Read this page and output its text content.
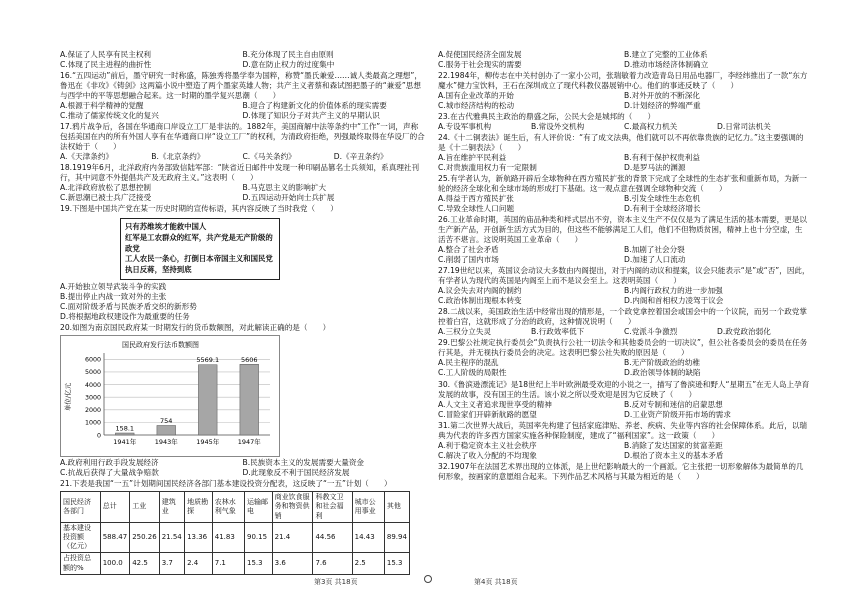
A.保证了人民享有民主权利	B.充分体现了民主自由原则
C.体现了民主进程的曲折性	D.意在防止权力的过度集中

16.“五四运动”前后，墨守研究一时称盛，陈独秀将墨学奉为国粹，称赞“墨氏兼爱……诚人类最高之理想”，鲁迅在《非攻》《铸剑》这两篇小说中塑造了两个墨家英雄人物；共产主义者蔡和森试图把墨子的“兼爱”思想与西学中的平等思想融合起来。这一时期的墨学复兴思潮（　　）

A.根源于科学精神的觉醒	B.迎合了构建新文化的价值体系的现实需要
C.推动了儒家传统文化的复兴	D.体现了知识分子对共产主义的早期认识

17.鸦片战争后，各国在华通商口岸设立工厂是非法的。1882年，美国商解中法等条约中“工作”一词，声称包括美国在内的所有外国人享有在华通商口岸“设立工厂”的权利，为清政府拒绝，列强最终取得在华设厂的合法权始于（　　）

A.《天津条约》	B.《北京条约》	C.《马关条约》	D.《辛丑条约》

18.1919年6月，北洋政府内务部致信陆军部：“陕省近日邮件中发现一种印刷品篡名士兵须知，系真理社刊行，其中词意不外提倡共产及无政府主义。”这表明（　　）

A.北洋政府放松了思想控制	B.马克思主义的影响扩大
C.新思潮已被士兵广泛接受	D.五四运动开始向士兵扩展

19.下图是中国共产党在某一历史时期的宣传标语，其内容反映了当时我党（　　）

只有苏维埃才能救中国人
红军是工农群众的红军，共产党是无产阶级的政党
工人农民一条心，打倒日本帝国主义和国民党
执日反蒋，坚持到底
A.开始独立领导武装斗争的实践
B.提出停止内战一致对外的主张
C.面对阶级矛盾与民族矛盾交织的新形势
D.将根据地政权建设作为最重要的任务

20.如图为南京国民政府某一时期发行的货币数额图，对此解读正确的是（　　）

国民政府发行法币数额图
单位/亿元
0
1000
2000
3000
4000
5000
6000
158.1
1941年
754
1943年
5569.1
1945年
5606
1947年
A.政府利用行政手段发展经济	B.民族资本主义的发展需要大量资金
C.抗战后获得了大量战争赔款	D.此现象反不利于国民经济发展

21.下表是我国“一五”计划期间国民经济各部门基本建设投资分配表，这反映了“一五”计划（　　）

国民经济各部门	总计	工业	建筑业	地质勘探	农林水利气象	运输邮电	商业饮食服务和物资供销	科教文卫和社会福利	城市公用事业	其他
基本建设投资额（亿元）	588.47	250.26	21.54	13.36	41.83	90.15	21.4	44.56	14.43	89.94
占投资总额的%	100.0	42.5	3.7	2.4	7.1	15.3	3.6	7.6	2.5	15.3
A.促使国民经济全面发展	B.建立了完整的工业体系
C.服务于社会现实的需要	D.推动市场经济体制确立

22.1984年，柳传志在中关村创办了一家小公司，张瑞敏着力改造青岛日用品电器厂，李经纬推出了一款“东方魔水”健力宝饮料，王石在深圳成立了现代科教仪器展销中心。他们的事迹反映了（　　）

A.国有企业改革的开始	B.对外开放的不断深化
C.城市经济结构的松动	D.计划经济的弊端严重

23.在古代雅典民主政治的鼎盛之际，公民大会是城邦的（　　）

A.专设军事机构	B.常设外交机构	C.最高权力机关	D.日常司法机关

24.《十二铜表法》诞生后，有人评价说：“有了成文法典，他们就可以不再依靠贵族的记忆力。”这主要强调的是《十二铜表法》（　　）

A.旨在维护平民利益	B.有利于保护权贵利益
C.对贵族滥用权力有一定限制	D.是罗马法的渊源

25.有学者认为，新航路开辟后全球物种在西方殖民扩张的背景下完成了全球性的生态扩张和重新布局，为新一轮的经济全球化和全球市场的形成打下基础。这一观点意在强调全球物种交流（　　）

A.得益于西方殖民扩张	B.引发全球性生态危机
C.导致全球性人口问题	D.有利于全球经济增长

26.工业革命时期，英国的庙品种类和样式层出不穷，资本主义生产不仅仅是为了满足生活的基本需要，更是以生产新产品，开创新生活方式为目的，但这些不能够满足工人们，他们不但物质贫困，精神上也十分空虚，生活苦不堪言。这说明英国工业革命（　　）

A.整合了社会矛盾	B.加剧了社会分裂
C.削弱了国内市场	D.加速了人口流动

27.19世纪以来，英国议会动议大多数由内阁提出，对于内阁的动议和提案，议会只能表示“是”或“否”，因此，有学者认为现代的英国是内阁至上而不是议会至上。这表明英国（　　）

A.议会失去对内阁的制约	B.内阁行政权力的进一步加强
C.政治体制出现根本转变	D.内阁和首相权力凌驾于议会

28.二战以来，美国政治生活中经常出现的情形是，一个政党拿控着国会或国会中的一个议院，而另一个政党掌控着白宫，这就形成了分治的政府，这种情况说明（　　）

A.三权分立失灵	B.行政效率低下	C.党派斗争激烈	D.政党政治弱化

29.巴黎公社规定执行委员会“负责执行公社一切法令和其他委员会的一切决议”，但公社各委员会的委员在任务行其是，并无视执行委员会的决定。这表明巴黎公社失败的原因是（　　）

A.民主程序的混乱	B.无产阶级政治的幼稚
C.工人阶级的局限性	D.政治领导体制的缺陷

30.《鲁滨逊漂流记》是18世纪上半叶欧洲最受欢迎的小说之一，描写了鲁滨逊和野人“星期五”在无人岛上孕育发展的故事，没有国王的生活。该小说之所以受欢迎是因为它反映了（　　）

A.人文主义者追求现世享受的精神	B.反对专制和迷信的启蒙思想
C.冒险家们开辟新航路的愿望	D.工业资产阶级开拓市场的需求

31.第二次世界大战后，英国率先构建了包括家庭津贴、养老、疾病、失业等内容的社会保障体系。此后，以瑞典为代表的许多西方国家实施各种保险制度，建成了“福利国家”。这一政策（　　）

A.利于稳定资本主义社会秩序	B.消除了发达国家的贫富差距
C.解决了收入分配的不均现象	D.根治了资本主义的基本矛盾

32.1907年在法国艺术界出现的立体派，是上世纪影响最大的一个画派。它主张把一切形象解体为最简单的几何形象，按画家的意愿组合起来。下列作品艺术风格与其最为相近的是（　　）

第3页 共18页	第4页 共18页
